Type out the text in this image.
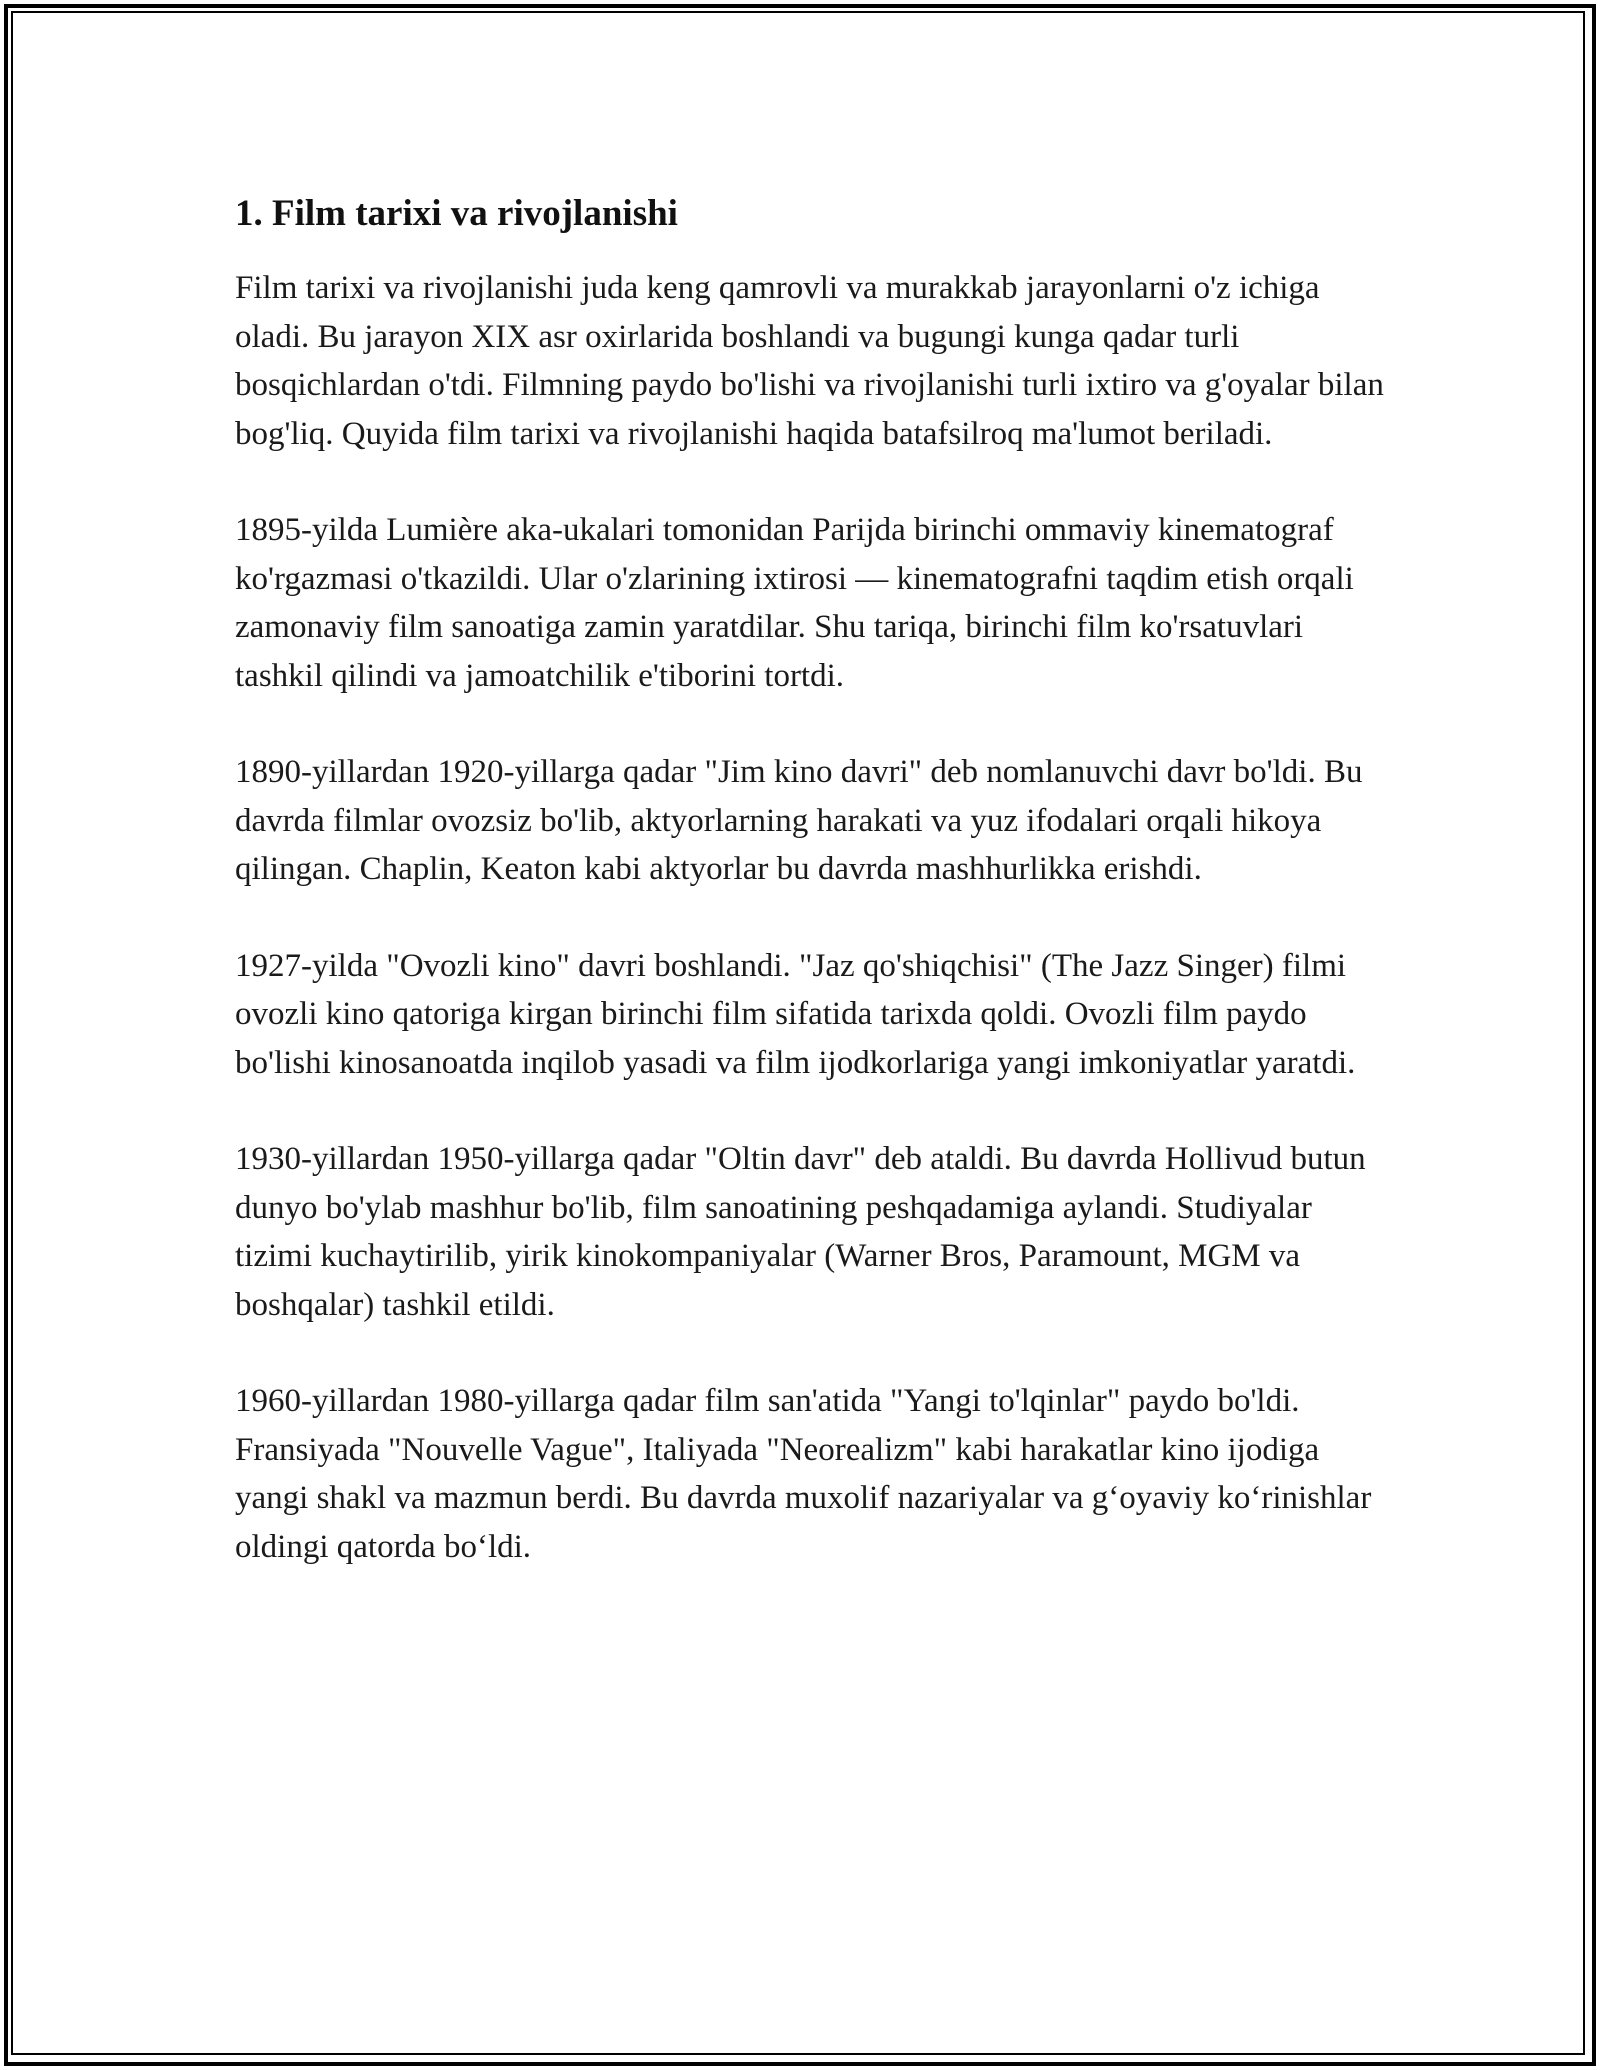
1. Film tarixi va rivojlanishi

Film tarixi va rivojlanishi juda keng qamrovli va murakkab jarayonlarni o'z ichiga oladi. Bu jarayon XIX asr oxirlarida boshlandi va bugungi kunga qadar turli bosqichlardan o'tdi. Filmning paydo bo'lishi va rivojlanishi turli ixtiro va g'oyalar bilan bog'liq. Quyida film tarixi va rivojlanishi haqida batafsilroq ma'lumot beriladi.

1895-yilda Lumière aka-ukalari tomonidan Parijda birinchi ommaviy kinematograf ko'rgazmasi o'tkazildi. Ular o'zlarining ixtirosi — kinematografni taqdim etish orqali zamonaviy film sanoatiga zamin yaratdilar. Shu tariqa, birinchi film ko'rsatuvlari tashkil qilindi va jamoatchilik e'tiborini tortdi.

1890-yillardan 1920-yillarga qadar "Jim kino davri" deb nomlanuvchi davr bo'ldi. Bu davrda filmlar ovozsiz bo'lib, aktyorlarning harakati va yuz ifodalari orqali hikoya qilingan. Chaplin, Keaton kabi aktyorlar bu davrda mashhurlikka erishdi.

1927-yilda "Ovozli kino" davri boshlandi. "Jaz qo'shiqchisi" (The Jazz Singer) filmi ovozli kino qatoriga kirgan birinchi film sifatida tarixda qoldi. Ovozli film paydo bo'lishi kinosanoatda inqilob yasadi va film ijodkorlariga yangi imkoniyatlar yaratdi.

1930-yillardan 1950-yillarga qadar "Oltin davr" deb ataldi. Bu davrda Hollivud butun dunyo bo'ylab mashhur bo'lib, film sanoatining peshqadamiga aylandi. Studiyalar tizimi kuchaytirilib, yirik kinokompaniyalar (Warner Bros, Paramount, MGM va boshqalar) tashkil etildi.

1960-yillardan 1980-yillarga qadar film san'atida "Yangi to'lqinlar" paydo bo'ldi. Fransiyada "Nouvelle Vague", Italiyada "Neorealizm" kabi harakatlar kino ijodiga yangi shakl va mazmun berdi. Bu davrda muxolif nazariyalar va gʻoyaviy koʻrinishlar oldingi qatorda boʻldi.
